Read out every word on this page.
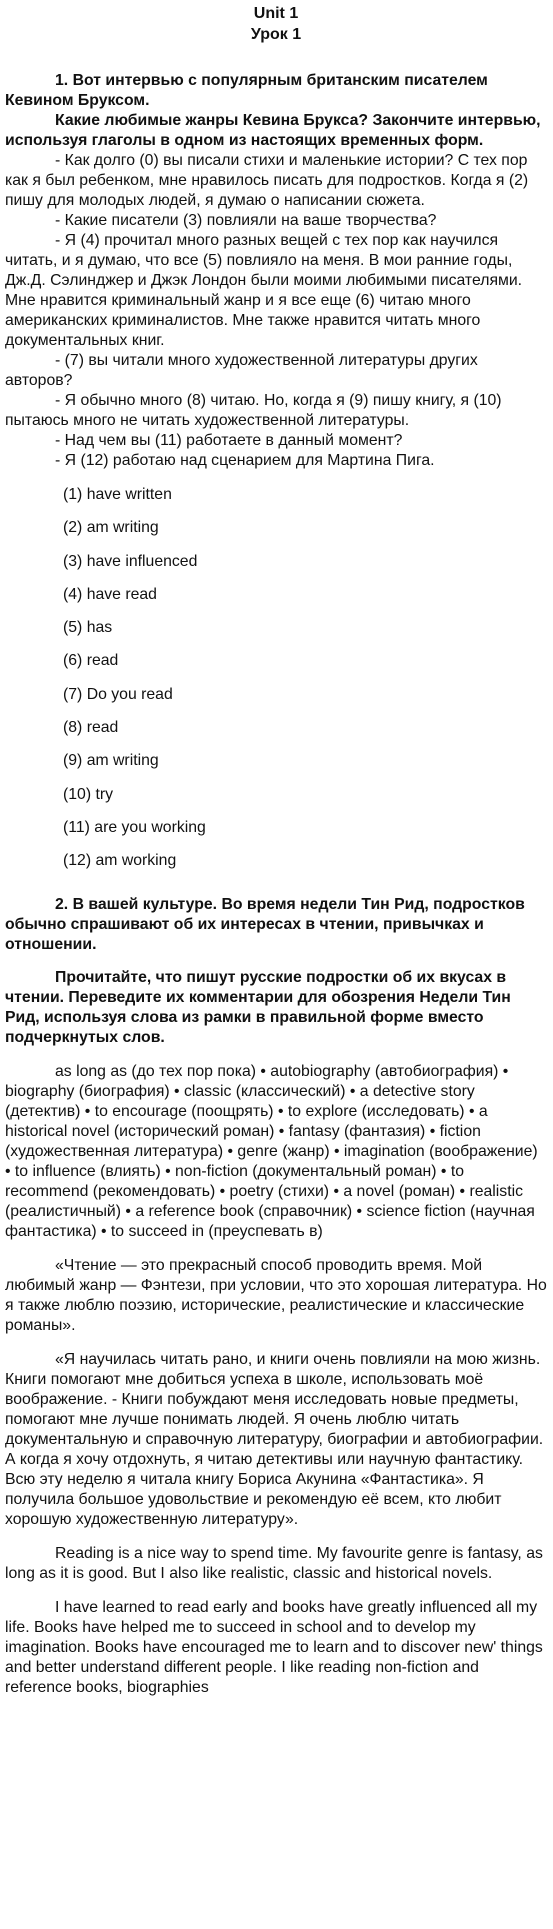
Unit 1
Урок 1

1. Вот интервью с популярным британским писателем Кевином Бруксом.

Какие любимые жанры Кевина Брукса? Закончите интервью, используя глаголы в одном из настоящих временных форм.

- Как долго (0) вы писали стихи и маленькие истории? С тех пор как я был ребенком, мне нравилось писать для подростков. Когда я (2) пишу для молодых людей, я думаю о написании сюжета.

- Какие писатели (3) повлияли на ваше творчества?

- Я (4) прочитал много разных вещей с тех пор как научился читать, и я думаю, что все (5) повлияло на меня. В мои ранние годы, Дж.Д. Сэлинджер и Джэк Лондон были моими любимыми писателями. Мне нравится криминальный жанр и я все еще (6) читаю много американских криминалистов. Мне также нравится читать много документальных книг.

- (7) вы читали много художественной литературы других авторов?

- Я обычно много (8) читаю. Но, когда я (9) пишу книгу, я (10) пытаюсь много не читать художественной литературы.

- Над чем вы (11) работаете в данный момент?

- Я (12) работаю над сценарием для Мартина Пига.

(1) have written
(2) am writing
(3) have influenced
(4) have read
(5) has
(6) read
(7) Do you read
(8) read
(9) am writing
(10) try
(11) are you working
(12) am working

2. В вашей культуре. Во время недели Тин Рид, подростков обычно спрашивают об их интересах в чтении, привычках и отношении.

Прочитайте, что пишут русские подростки об их вкусах в чтении. Переведите их комментарии для обозрения Недели Тин Рид, используя слова из рамки в правильной форме вместо подчеркнутых слов.

as long as (до тех пор пока) • autobiography (автобиография) • biography (биография) • classic (классический) • a detective story (детектив) • to encourage (поощрять) • to explore (исследовать) • a historical novel (исторический роман) • fantasy (фантазия) • fiction (художественная литература) • genre (жанр) • imagination (воображение) • to influence (влиять) • non-fiction (документальный роман) • to recommend (рекомендовать) • poetry (стихи) • a novel (роман) • realistic (реалистичный) • a reference book (справочник) • science fiction (научная фантастика) • to succeed in (преуспевать в)

«Чтение — это прекрасный способ проводить время. Мой любимый жанр — Фэнтези, при условии, что это хорошая литература. Но я также люблю поэзию, исторические, реалистические и классические романы».

«Я научилась читать рано, и книги очень повлияли на мою жизнь. Книги помогают мне добиться успеха в школе, использовать моё воображение. - Книги побуждают меня исследовать новые предметы, помогают мне лучше понимать людей. Я очень люблю читать документальную и справочную литературу, биографии и автобиографии. А когда я хочу отдохнуть, я читаю детективы или научную фантастику. Всю эту неделю я читала книгу Бориса Акунина «Фантастика». Я получила большое удовольствие и рекомендую её всем, кто любит хорошую художественную литературу».

Reading is a nice way to spend time. My favourite genre is fantasy, as long as it is good. But I also like realistic, classic and historical novels.

I have learned to read early and books have greatly influenced all my life. Books have helped me to succeed in school and to develop my imagination. Books have encouraged me to learn and to discover new' things and better understand different people. I like reading non-fiction and reference books, biographies
